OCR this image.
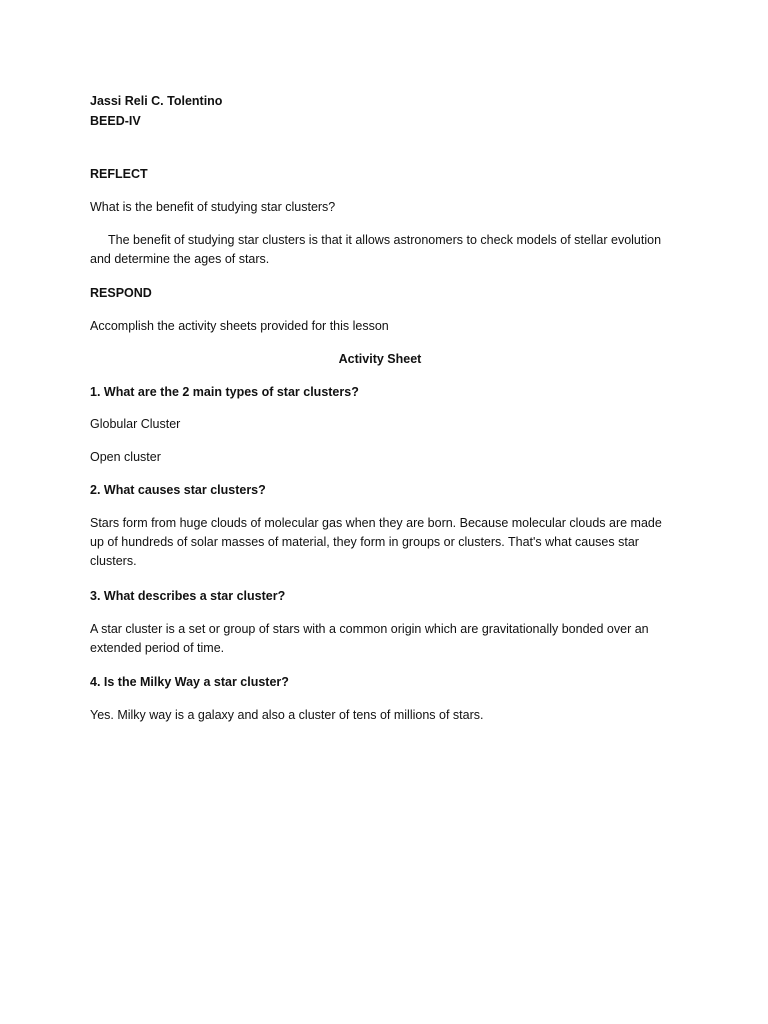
Jassi Reli C. Tolentino

BEED-IV

REFLECT

What is the benefit of studying star clusters?

The benefit of studying star clusters is that it allows astronomers to check models of stellar evolution and determine the ages of stars.

RESPOND

Accomplish the activity sheets provided for this lesson

Activity Sheet

1. What are the 2 main types of star clusters?

Globular Cluster

Open cluster

2. What causes star clusters?

Stars form from huge clouds of molecular gas when they are born. Because molecular clouds are made up of hundreds of solar masses of material, they form in groups or clusters. That's what causes star clusters.

3. What describes a star cluster?

A star cluster is a set or group of stars with a common origin which are gravitationally bonded over an extended period of time.

4. Is the Milky Way a star cluster?

Yes. Milky way is a galaxy and also a cluster of tens of millions of stars.
